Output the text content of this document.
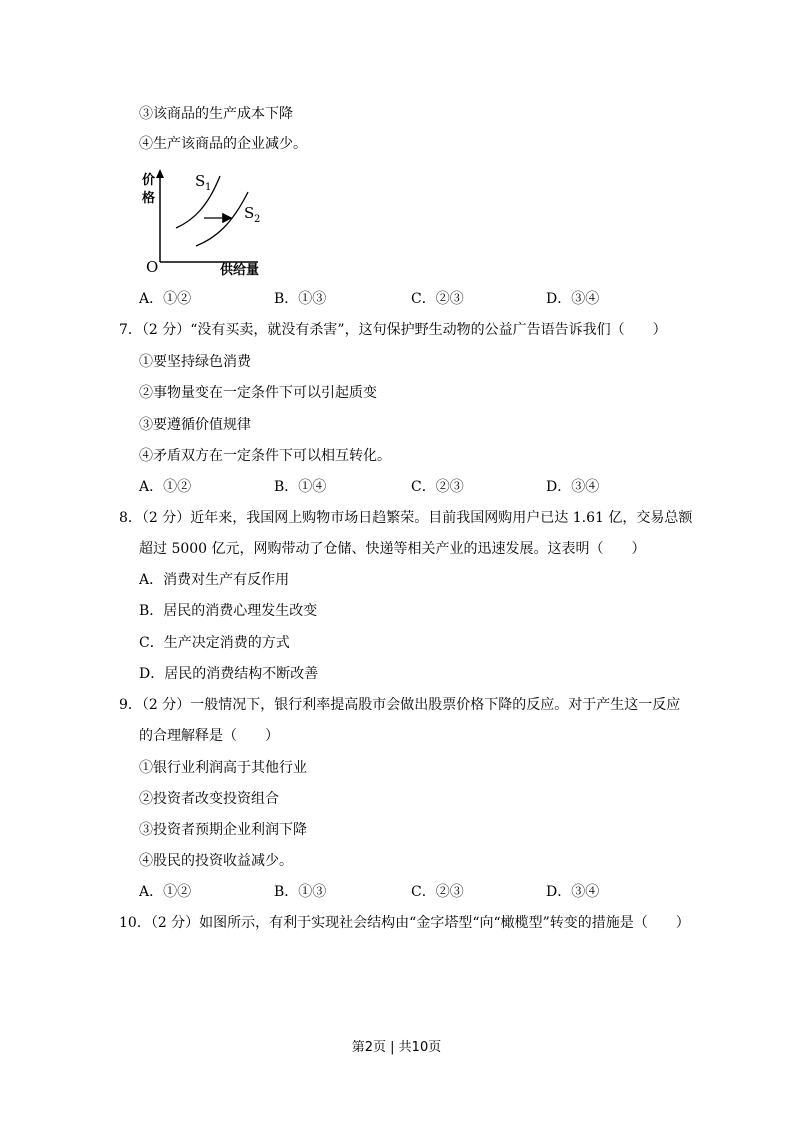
③该商品的生产成本下降
④生产该商品的企业减少。
价
格
S 1
S 2
O	供给量
A．①②	B．①③	C．②③	D．③④
7．（2 分）“没有买卖，就没有杀害”，这句保护野生动物的公益广告语告诉我们（　　）
①要坚持绿色消费
②事物量变在一定条件下可以引起质变
③要遵循价值规律
④矛盾双方在一定条件下可以相互转化。
A．①②	B．①④	C．②③	D．③④
8．（2 分）近年来，我国网上购物市场日趋繁荣。目前我国网购用户已达 1.61 亿，交易总额
超过 5000 亿元，网购带动了仓储、快递等相关产业的迅速发展。这表明（　　）
A．消费对生产有反作用
B．居民的消费心理发生改变
C．生产决定消费的方式
D．居民的消费结构不断改善
9．（2 分）一般情况下，银行利率提高股市会做出股票价格下降的反应。对于产生这一反应
的合理解释是（　　）
①银行业利润高于其他行业
②投资者改变投资组合
③投资者预期企业利润下降
④股民的投资收益减少。
A．①②	B．①③	C．②③	D．③④
10．（2 分）如图所示，有利于实现社会结构由“金字塔型“向“橄榄型”转变的措施是（　　）
第2页 | 共10页
